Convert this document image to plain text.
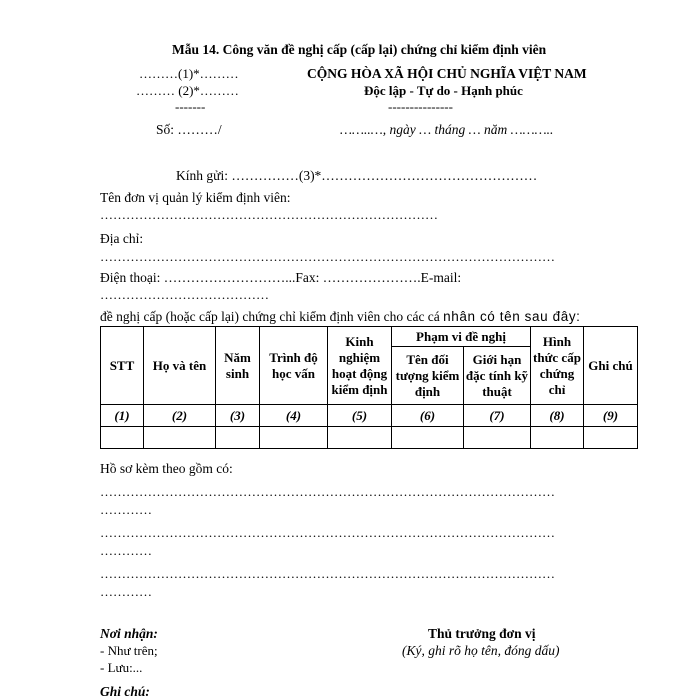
Mẫu 14. Công văn đề nghị cấp (cấp lại) chứng chỉ kiểm định viên
………(1)*………
……… (2)*………
-------
CỘNG HÒA XÃ HỘI CHỦ NGHĨA VIỆT NAM
Độc lập - Tự do - Hạnh phúc
---------------
Số: ………/	……..…, ngày … tháng … năm ………..
Kính gửi: ……………(3)*…………………………………………
Tên đơn vị quản lý kiểm định viên:
……………………………………………………………………
Địa chỉ:
……………………………………………………………………………………………
Điện thoại: ………………………...Fax: ………………….E-mail:
…………………………………
đề nghị cấp (hoặc cấp lại) chứng chỉ kiểm định viên cho các cá nhân có tên sau đây:
STT	Họ và tên	Năm sinh	Trình độ học vấn	Kinh nghiệm hoạt động kiểm định	Phạm vi đề nghị		Hình thức cấp chứng chỉ	Ghi chú
					Tên đối tượng kiểm định	Giới hạn đặc tính kỹ thuật		
(1)	(2)	(3)	(4)	(5)	(6)	(7)	(8)	(9)

Hồ sơ kèm theo gồm có:
……………………………………………………………………………………………
…………
……………………………………………………………………………………………
…………
……………………………………………………………………………………………
…………
Nơi nhận:
- Như trên;
- Lưu:...
Ghi chú:
Thủ trưởng đơn vị
(Ký, ghi rõ họ tên, đóng dấu)
